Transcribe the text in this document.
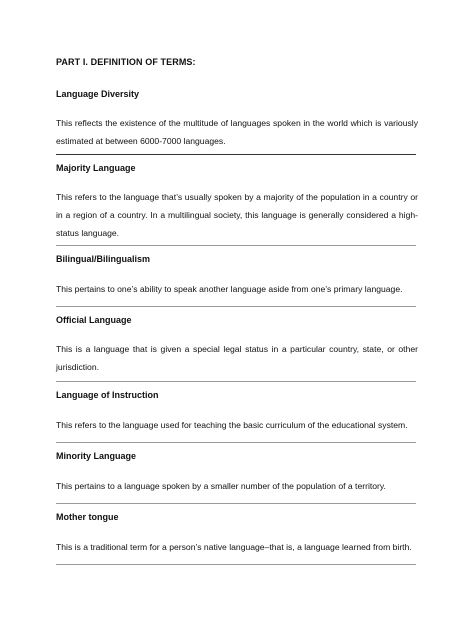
PART I. DEFINITION OF TERMS:
Language Diversity
This reflects the existence of the multitude of languages spoken in the world which is variously estimated at between 6000-7000 languages.
Majority Language
This refers to the language that’s usually spoken by a majority of the population in a country or in a region of a country. In a multilingual society, this language is generally considered a high-status language.
Bilingual/Bilingualism
This pertains to one’s ability to speak another language aside from one’s primary language.
Official Language
This is a language that is given a special legal status in a particular country, state, or other jurisdiction.
Language of Instruction
This refers to the language used for teaching the basic curriculum of the educational system.
Minority Language
This pertains to a language spoken by a smaller number of the population of a territory.
Mother tongue
This is a traditional term for a person’s native language–that is, a language learned from birth.
